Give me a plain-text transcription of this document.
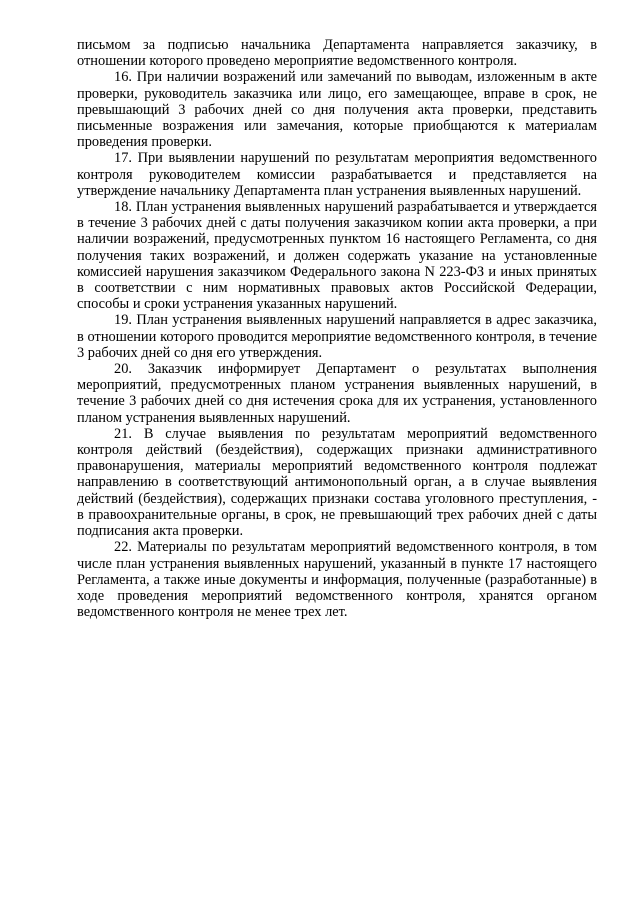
письмом за подписью начальника Департамента направляется заказчику, в отношении которого проведено мероприятие ведомственного контроля.

16. При наличии возражений или замечаний по выводам, изложенным в акте проверки, руководитель заказчика или лицо, его замещающее, вправе в срок, не превышающий 3 рабочих дней со дня получения акта проверки, представить письменные возражения или замечания, которые приобщаются к материалам проведения проверки.

17. При выявлении нарушений по результатам мероприятия ведомственного контроля руководителем комиссии разрабатывается и представляется на утверждение начальнику Департамента план устранения выявленных нарушений.

18. План устранения выявленных нарушений разрабатывается и утверждается в течение 3 рабочих дней с даты получения заказчиком копии акта проверки, а при наличии возражений, предусмотренных пунктом 16 настоящего Регламента, со дня получения таких возражений, и должен содержать указание на установленные комиссией нарушения заказчиком Федерального закона N 223-ФЗ и иных принятых в соответствии с ним нормативных правовых актов Российской Федерации, способы и сроки устранения указанных нарушений.

19. План устранения выявленных нарушений направляется в адрес заказчика, в отношении которого проводится мероприятие ведомственного контроля, в течение 3 рабочих дней со дня его утверждения.

20. Заказчик информирует Департамент о результатах выполнения мероприятий, предусмотренных планом устранения выявленных нарушений, в течение 3 рабочих дней со дня истечения срока для их устранения, установленного планом устранения выявленных нарушений.

21. В случае выявления по результатам мероприятий ведомственного контроля действий (бездействия), содержащих признаки административного правонарушения, материалы мероприятий ведомственного контроля подлежат направлению в соответствующий антимонопольный орган, а в случае выявления действий (бездействия), содержащих признаки состава уголовного преступления, - в правоохранительные органы, в срок, не превышающий трех рабочих дней с даты подписания акта проверки.

22. Материалы по результатам мероприятий ведомственного контроля, в том числе план устранения выявленных нарушений, указанный в пункте 17 настоящего Регламента, а также иные документы и информация, полученные (разработанные) в ходе проведения мероприятий ведомственного контроля, хранятся органом ведомственного контроля не менее трех лет.
